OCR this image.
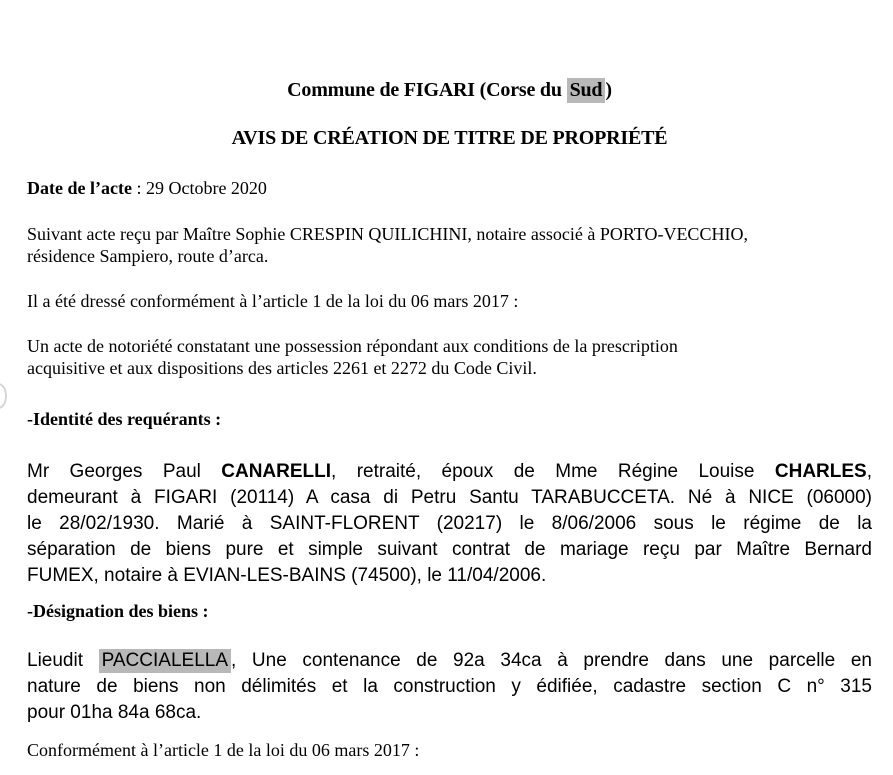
Commune de FIGARI (Corse du Sud )
AVIS DE CRÉATION DE TITRE DE PROPRIÉTÉ
Date de l’acte : 29 Octobre 2020
Suivant acte reçu par Maître Sophie CRESPIN QUILICHINI, notaire associé à PORTO-VECCHIO,
résidence Sampiero, route d’arca.
Il a été dressé conformément à l’article 1 de la loi du 06 mars 2017 :
Un acte de notoriété constatant une possession répondant aux conditions de la prescription
acquisitive et aux dispositions des articles 2261 et 2272 du Code Civil.
-Identité des requérants :
Mr Georges Paul CANARELLI, retraité, époux de Mme Régine Louise CHARLES,
demeurant à FIGARI (20114) A casa di Petru Santu TARABUCCETA. Né à NICE (06000)
le 28/02/1930. Marié à SAINT-FLORENT (20217) le 8/06/2006 sous le régime de la
séparation de biens pure et simple suivant contrat de mariage reçu par Maître Bernard
FUMEX, notaire à EVIAN-LES-BAINS (74500), le 11/04/2006.
-Désignation des biens :
Lieudit PACCIALELLA , Une contenance de 92a 34ca à prendre dans une parcelle en
nature de biens non délimités et la construction y édifiée, cadastre section C n° 315
pour 01ha 84a 68ca.
Conformément à l’article 1 de la loi du 06 mars 2017 :
